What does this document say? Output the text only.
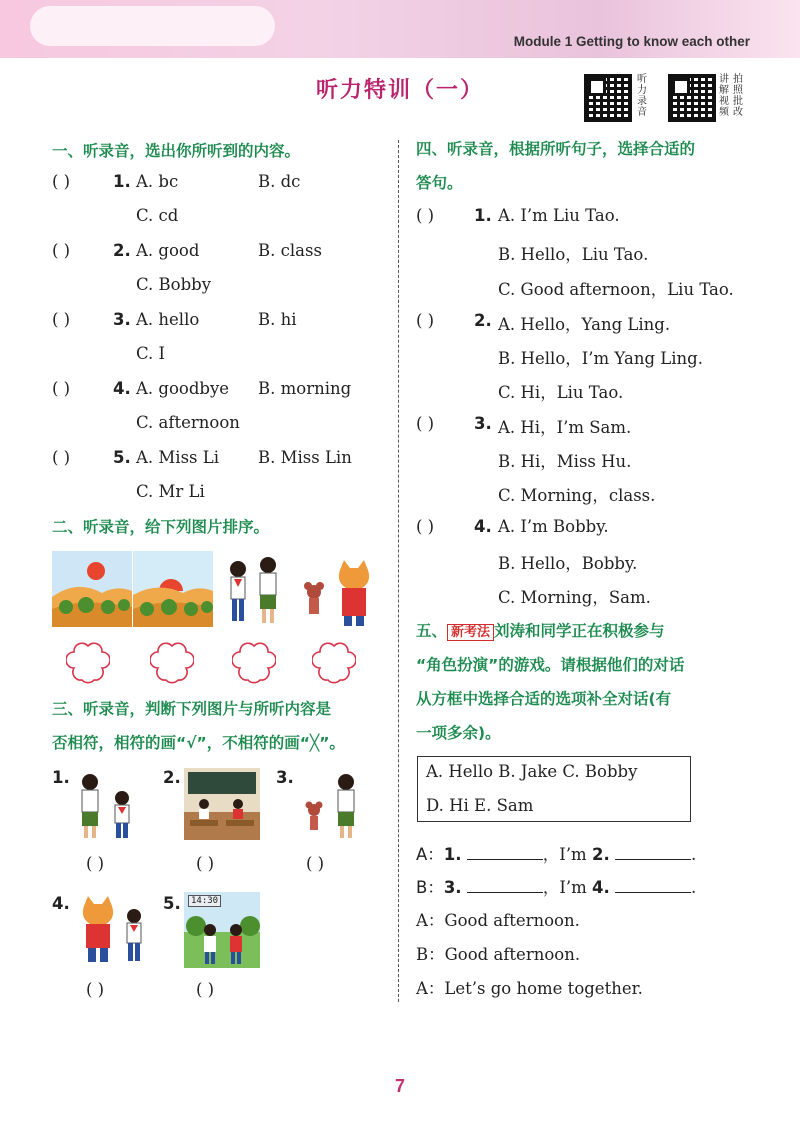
Module 1 Getting to know each other
听力特训（一）	听
力
录
音
讲
解
视
频
拍
照
批
改
一、听录音，选出你所听到的内容。
( )	1. A. bc	B. dc
C. cd
( )	2. A. good	B. class
C. Bobby
( )	3. A. hello	B. hi
C. I
( )	4. A. goodbye B. morning
C. afternoon
( )	5. A. Miss Li B. Miss Lin
C. Mr Li
二、听录音，给下列图片排序。
三、听录音，判断下列图片与所听内容是
否相符，相符的画“√”，不相符的画“╳”。
1.	2.	3.
( )	( )	( )
4.	5.	14:30
( )	( )
四、听录音，根据所听句子，选择合适的
答句。
( ) 1. A. I’m Liu Tao.
B. Hello，Liu Tao.
C. Good afternoon，Liu Tao.
( ) 2. A. Hello，Yang Ling.
B. Hello，I’m Yang Ling.
C. Hi，Liu Tao.
( ) 3. A. Hi，I’m Sam.
B. Hi，Miss Hu.
C. Morning，class.
( ) 4. A. I’m Bobby.
B. Hello，Bobby.
C. Morning，Sam.
五、 新考法 刘涛和同学正在积极参与
“角色扮演”的游戏。请根据他们的对话
从方框中选择合适的选项补全对话(有
一项多余)。
A. Hello B. Jake C. Bobby
D. Hi E. Sam
A：1.	，I’m 2.	.
B：3.	，I’m 4.	.
A：Good afternoon.
B：Good afternoon.
A：Let’s go home together.
7
